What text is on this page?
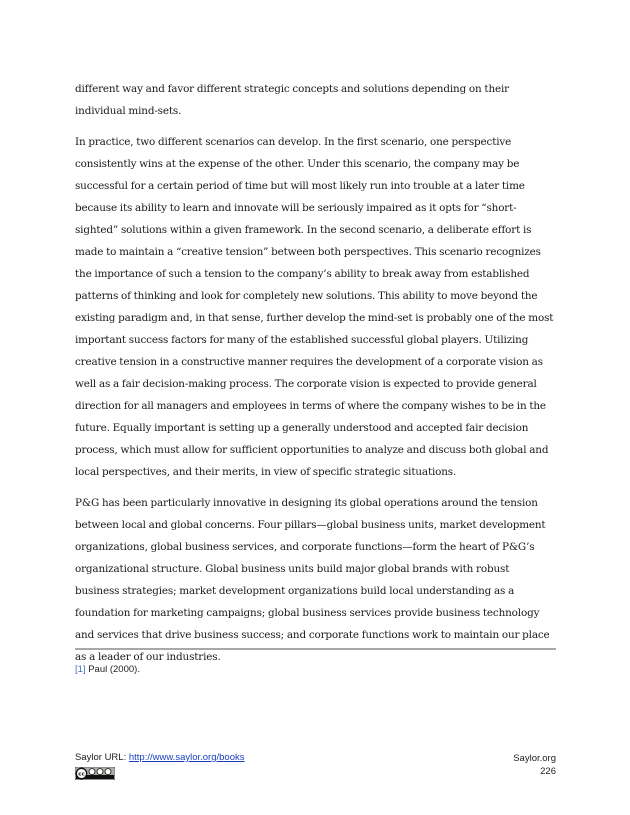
different way and favor different strategic concepts and solutions depending on their individual mind-sets.

In practice, two different scenarios can develop. In the first scenario, one perspective consistently wins at the expense of the other. Under this scenario, the company may be successful for a certain period of time but will most likely run into trouble at a later time because its ability to learn and innovate will be seriously impaired as it opts for “short-sighted” solutions within a given framework. In the second scenario, a deliberate effort is made to maintain a “creative tension” between both perspectives. This scenario recognizes the importance of such a tension to the company’s ability to break away from established patterns of thinking and look for completely new solutions. This ability to move beyond the existing paradigm and, in that sense, further develop the mind-set is probably one of the most important success factors for many of the established successful global players. Utilizing creative tension in a constructive manner requires the development of a corporate vision as well as a fair decision-making process. The corporate vision is expected to provide general direction for all managers and employees in terms of where the company wishes to be in the future. Equally important is setting up a generally understood and accepted fair decision process, which must allow for sufficient opportunities to analyze and discuss both global and local perspectives, and their merits, in view of specific strategic situations.

P&G has been particularly innovative in designing its global operations around the tension between local and global concerns. Four pillars—global business units, market development organizations, global business services, and corporate functions—form the heart of P&G’s organizational structure. Global business units build major global brands with robust business strategies; market development organizations build local understanding as a foundation for marketing campaigns; global business services provide business technology and services that drive business success; and corporate functions work to maintain our place as a leader of our industries.

[1] Paul (2000).
Saylor URL: http://www.saylor.org/books
cc
Saylor.org
226
